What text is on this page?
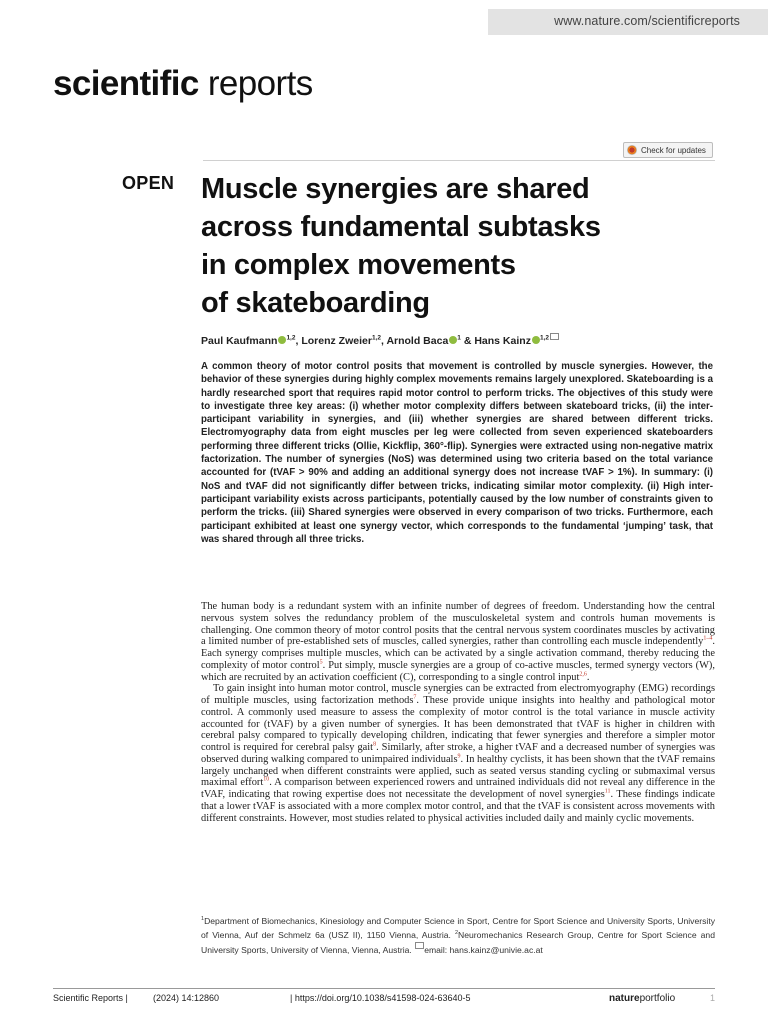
www.nature.com/scientificreports
scientific reports
Check for updates
OPEN Muscle synergies are shared
across fundamental subtasks
in complex movements
of skateboarding
Paul Kaufmann $^{1,2}$, Lorenz Zweier$^{1,2}$, Arnold Baca $^1$ & Hans Kainz $^{1,2}$

A common theory of motor control posits that movement is controlled by muscle synergies. However, the behavior of these synergies during highly complex movements remains largely unexplored. Skateboarding is a hardly researched sport that requires rapid motor control to perform tricks. The objectives of this study were to investigate three key areas: (i) whether motor complexity differs between skateboard tricks, (ii) the inter-participant variability in synergies, and (iii) whether synergies are shared between different tricks. Electromyography data from eight muscles per leg were collected from seven experienced skateboarders performing three different tricks (Ollie, Kickflip, 360°-flip). Synergies were extracted using non-negative matrix factorization. The number of synergies (NoS) was determined using two criteria based on the total variance accounted for (tVAF > 90% and adding an additional synergy does not increase tVAF > 1%). In summary: (i) NoS and tVAF did not significantly differ between tricks, indicating similar motor complexity. (ii) High inter-participant variability exists across participants, potentially caused by the low number of constraints given to perform the tricks. (iii) Shared synergies were observed in every comparison of two tricks. Furthermore, each participant exhibited at least one synergy vector, which corresponds to the fundamental ‘jumping’ task, that was shared through all three tricks.

The human body is a redundant system with an infinite number of degrees of freedom. Understanding how the central nervous system solves the redundancy problem of the musculoskeletal system and controls human movements is challenging. One common theory of motor control posits that the central nervous system coordinates muscles by activating a limited number of pre-established sets of muscles, called synergies, rather than controlling each muscle independently$^{1-4}$. Each synergy comprises multiple muscles, which can be activated by a single activation command, thereby reducing the complexity of motor control$^5$. Put simply, muscle synergies are a group of co-active muscles, termed synergy vectors (W), which are recruited by an activation coefficient (C), corresponding to a single control input$^{2,6}$.

To gain insight into human motor control, muscle synergies can be extracted from electromyography (EMG) recordings of multiple muscles, using factorization methods$^7$. These provide unique insights into healthy and pathological motor control. A commonly used measure to assess the complexity of motor control is the total variance in muscle activity accounted for (tVAF) by a given number of synergies. It has been demonstrated that tVAF is higher in children with cerebral palsy compared to typically developing children, indicating that fewer synergies and therefore a simpler motor control is required for cerebral palsy gait$^8$. Similarly, after stroke, a higher tVAF and a decreased number of synergies was observed during walking compared to unimpaired individuals$^9$. In healthy cyclists, it has been shown that the tVAF remains largely unchanged when different constraints were applied, such as seated versus standing cycling or submaximal versus maximal effort$^{10}$. A comparison between experienced rowers and untrained individuals did not reveal any difference in the tVAF, indicating that rowing expertise does not necessitate the development of novel synergies$^{11}$. These findings indicate that a lower tVAF is associated with a more complex motor control, and that the tVAF is consistent across movements with different constraints. However, most studies related to physical activities included daily and mainly cyclic movements.

$^1$Department of Biomechanics, Kinesiology and Computer Science in Sport, Centre for Sport Science and University Sports, University of Vienna, Auf der Schmelz 6a (USZ II), 1150 Vienna, Austria. $^2$Neuromechanics Research Group, Centre for Sport Science and University Sports, University of Vienna, Vienna, Austria. email: hans.kainz@univie.ac.at

Scientific Reports |	(2024) 14:12860	| https://doi.org/10.1038/s41598-024-63640-5	natureportfolio	1
